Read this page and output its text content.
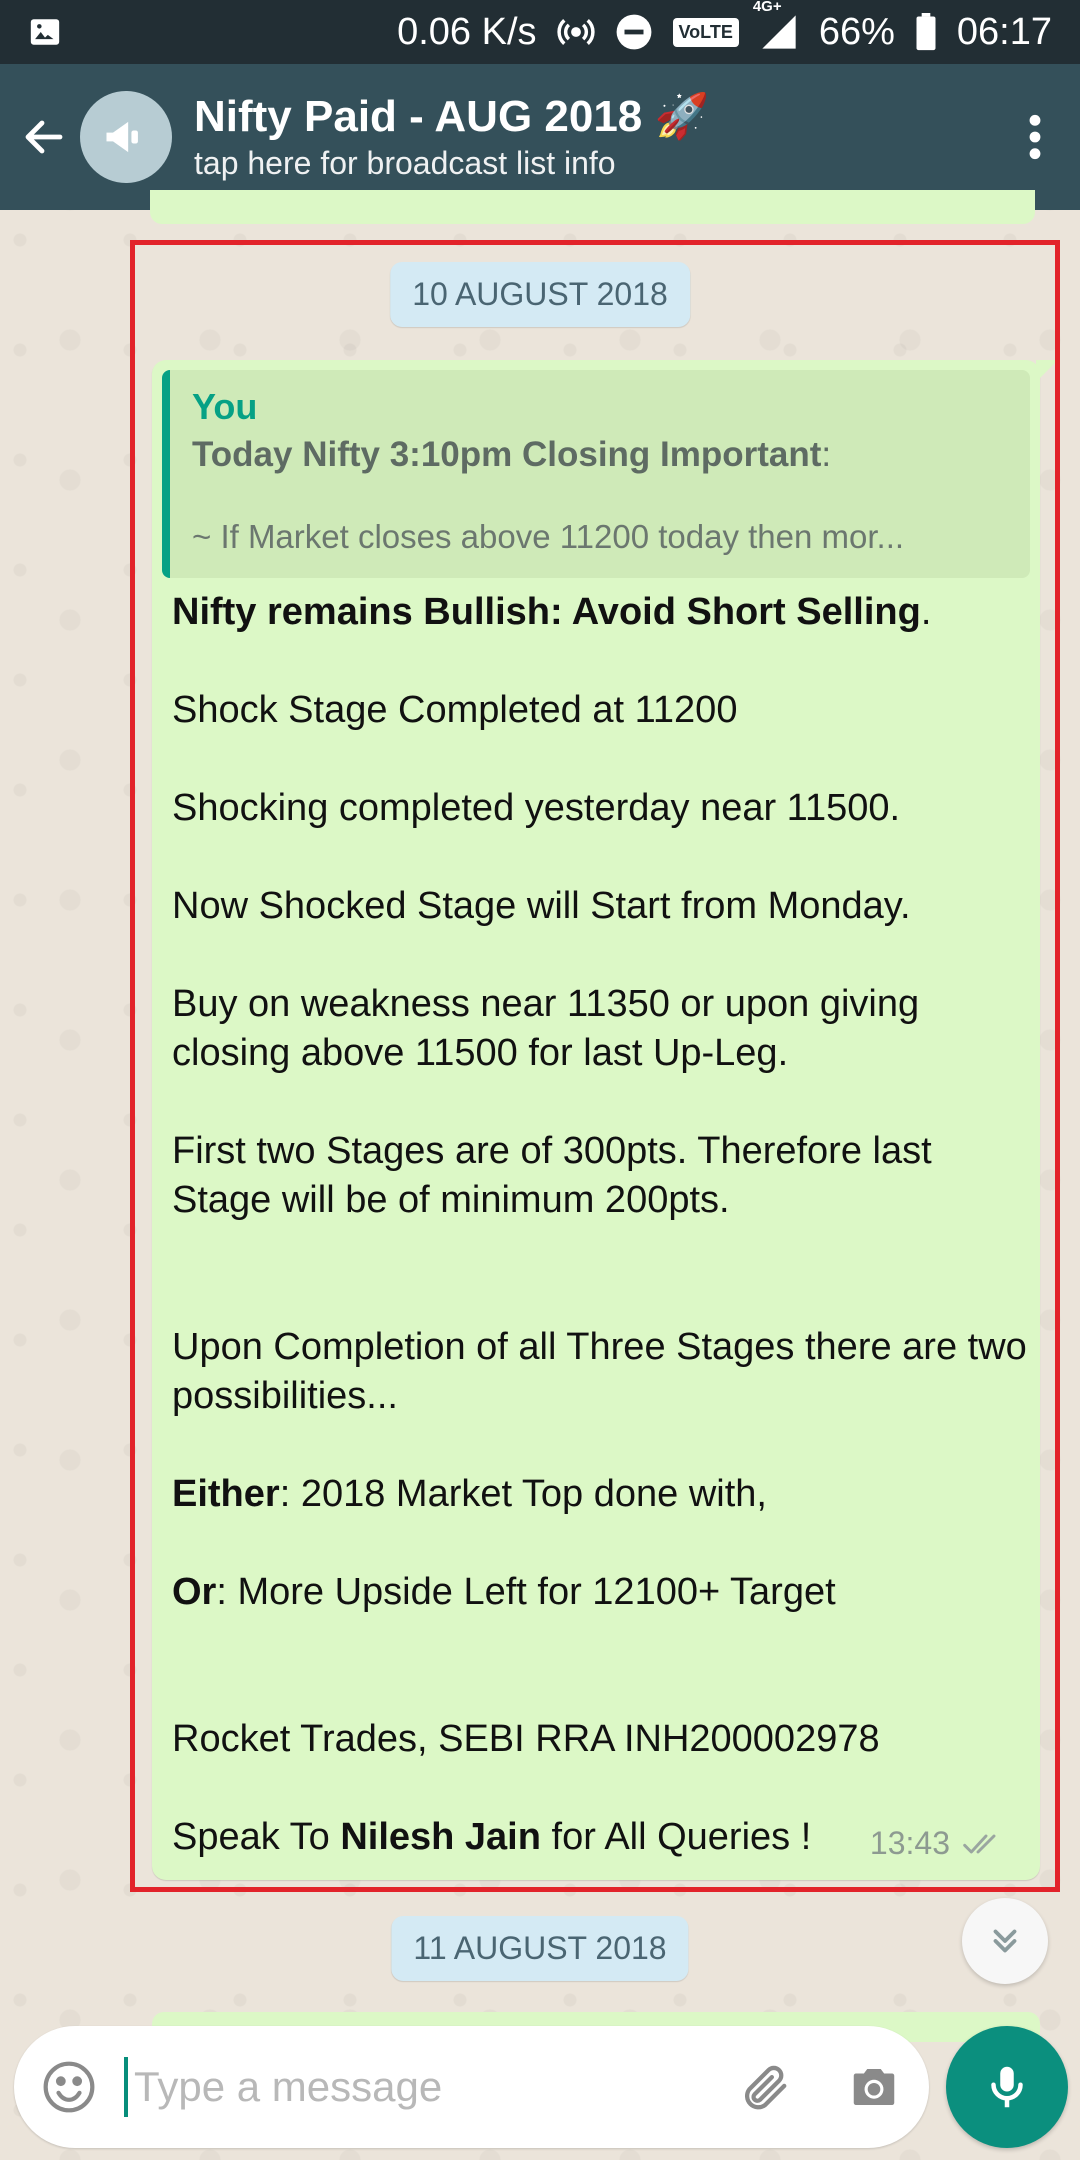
0.06 K/s	VoLTE
4G+
66% 06:17
Nifty Paid - AUG 2018 🚀
tap here for broadcast list info
10 AUGUST 2018
You
Today Nifty 3:10pm Closing Important:
~ If Market closes above 11200 today then mor...

Nifty remains Bullish: Avoid Short Selling.

Shock Stage Completed at 11200

Shocking completed yesterday near 11500.

Now Shocked Stage will Start from Monday.

Buy on weakness near 11350 or upon giving closing above 11500 for last Up-Leg.

First two Stages are of 300pts. Therefore last Stage will be of minimum 200pts.

Upon Completion of all Three Stages there are two possibilities...

Either: 2018 Market Top done with,

Or: More Upside Left for 12100+ Target

Rocket Trades, SEBI RRA INH200002978

Speak To Nilesh Jain for All Queries !	13:43
11 AUGUST 2018
Type a message
